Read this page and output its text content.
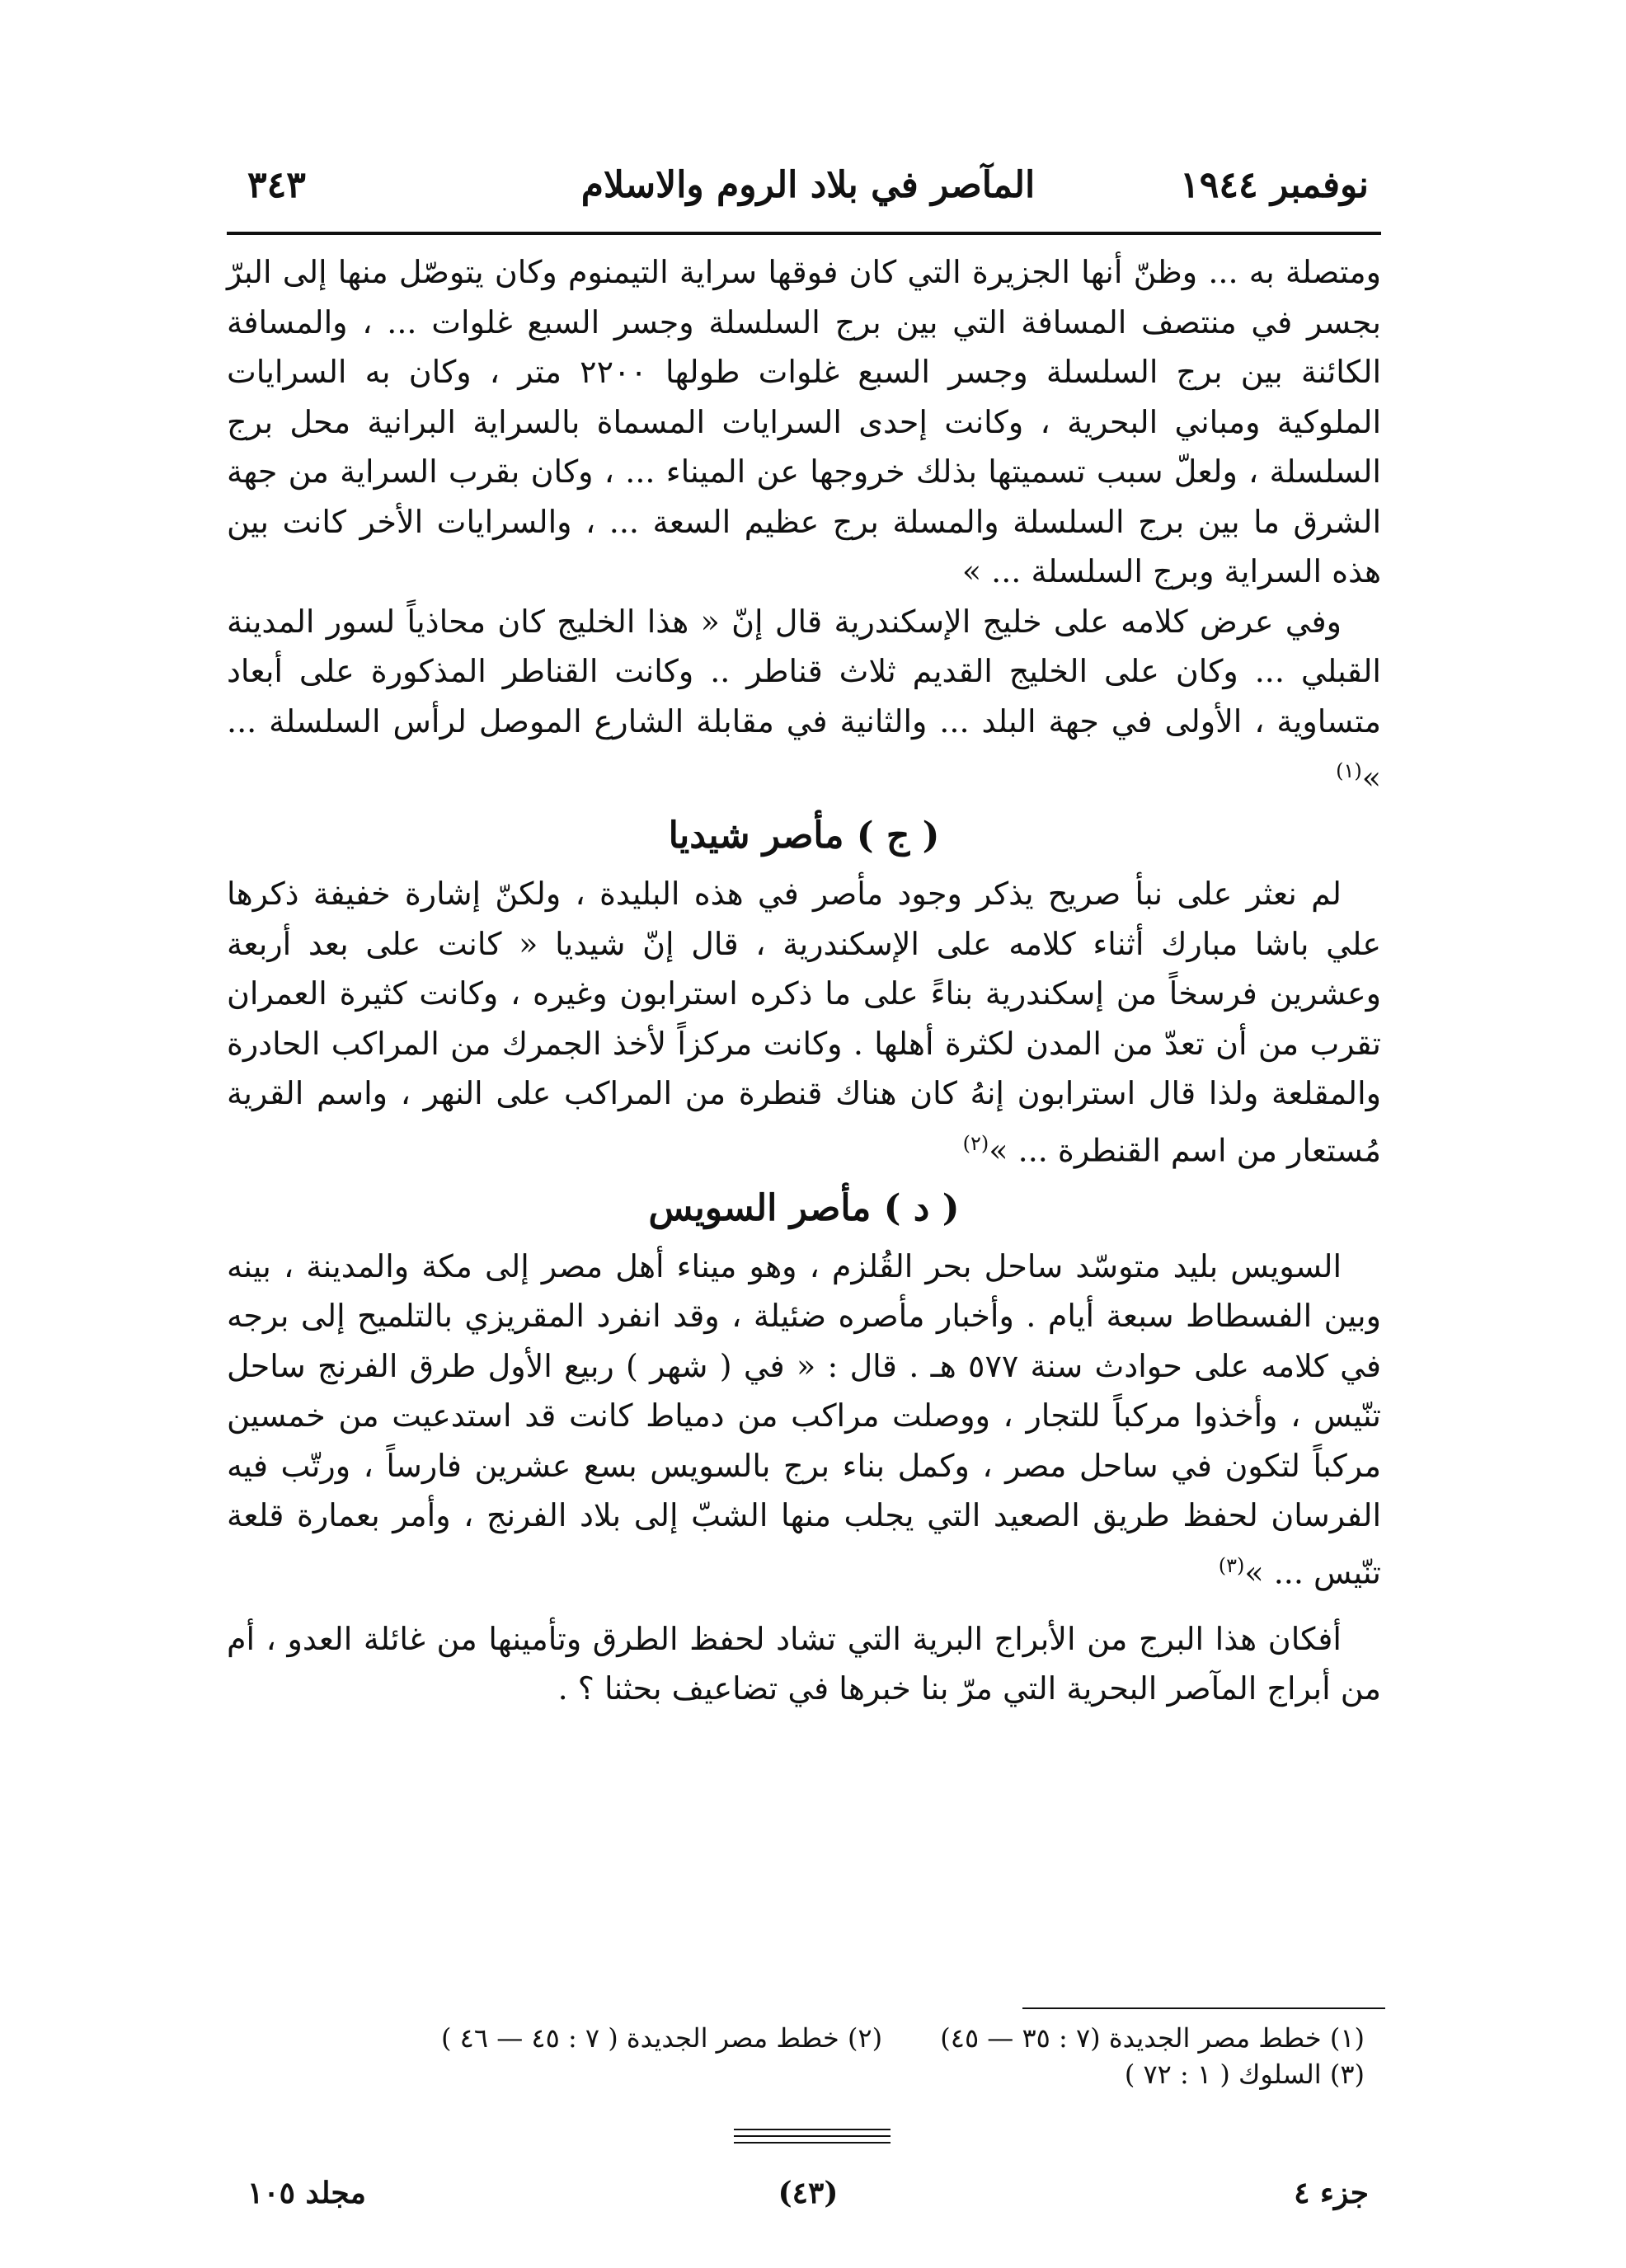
نوفمبر ١٩٤٤
المآصر في بلاد الروم والاسلام
٣٤٣

ومتصلة به ... وظنّ أنها الجزيرة التي كان فوقها سراية التيمنوم وكان يتوصّل منها إلى البرّ بجسر في منتصف المسافة التي بين برج السلسلة وجسر السبع غلوات ... ، والمسافة الكائنة بين برج السلسلة وجسر السبع غلوات طولها ٢٢٠٠ متر ، وكان به السرايات الملوكية ومباني البحرية ، وكانت إحدى السرايات المسماة بالسراية البرانية محل برج السلسلة ، ولعلّ سبب تسميتها بذلك خروجها عن الميناء ... ، وكان بقرب السراية من جهة الشرق ما بين برج السلسلة والمسلة برج عظيم السعة ... ، والسرايات الأخر كانت بين هذه السراية وبرج السلسلة ... »

وفي عرض كلامه على خليج الإسكندرية قال إنّ « هذا الخليج كان محاذياً لسور المدينة القبلي ... وكان على الخليج القديم ثلاث قناطر .. وكانت القناطر المذكورة على أبعاد متساوية ، الأولى في جهة البلد ... والثانية في مقابلة الشارع الموصل لرأس السلسلة ... »$^{(١)}$

( ج ) مأصر شيديا

لم نعثر على نبأ صريح يذكر وجود مأصر في هذه البليدة ، ولكنّ إشارة خفيفة ذكرها علي باشا مبارك أثناء كلامه على الإسكندرية ، قال إنّ شيديا « كانت على بعد أربعة وعشرين فرسخاً من إسكندرية بناءً على ما ذكره استرابون وغيره ، وكانت كثيرة العمران تقرب من أن تعدّ من المدن لكثرة أهلها . وكانت مركزاً لأخذ الجمرك من المراكب الحادرة والمقلعة ولذا قال استرابون إنهُ كان هناك قنطرة من المراكب على النهر ، واسم القرية مُستعار من اسم القنطرة ... »$^{(٢)}$

( د ) مأصر السويس

السويس بليد متوسّد ساحل بحر القُلزم ، وهو ميناء أهل مصر إلى مكة والمدينة ، بينه وبين الفسطاط سبعة أيام . وأخبار مأصره ضئيلة ، وقد انفرد المقريزي بالتلميح إلى برجه في كلامه على حوادث سنة ٥٧٧ هـ . قال : « في ( شهر ) ربيع الأول طرق الفرنج ساحل تنّيس ، وأخذوا مركباً للتجار ، ووصلت مراكب من دمياط كانت قد استدعيت من خمسين مركباً لتكون في ساحل مصر ، وكمل بناء برج بالسويس بسع عشرين فارساً ، ورتّب فيه الفرسان لحفظ طريق الصعيد التي يجلب منها الشبّ إلى بلاد الفرنج ، وأمر بعمارة قلعة تنّيس ... »$^{(٣)}$

أفكان هذا البرج من الأبراج البرية التي تشاد لحفظ الطرق وتأمينها من غائلة العدو ، أم من أبراج المآصر البحرية التي مرّ بنا خبرها في تضاعيف بحثنا ؟ .

(١) خطط مصر الجديدة (٧ : ٣٥ — ٤٥) (٢) خطط مصر الجديدة ( ٧ : ٤٥ — ٤٦ )
(٣) السلوك ( ١ : ٧٢ )
جزء ٤
(٤٣)
مجلد ١٠٥
